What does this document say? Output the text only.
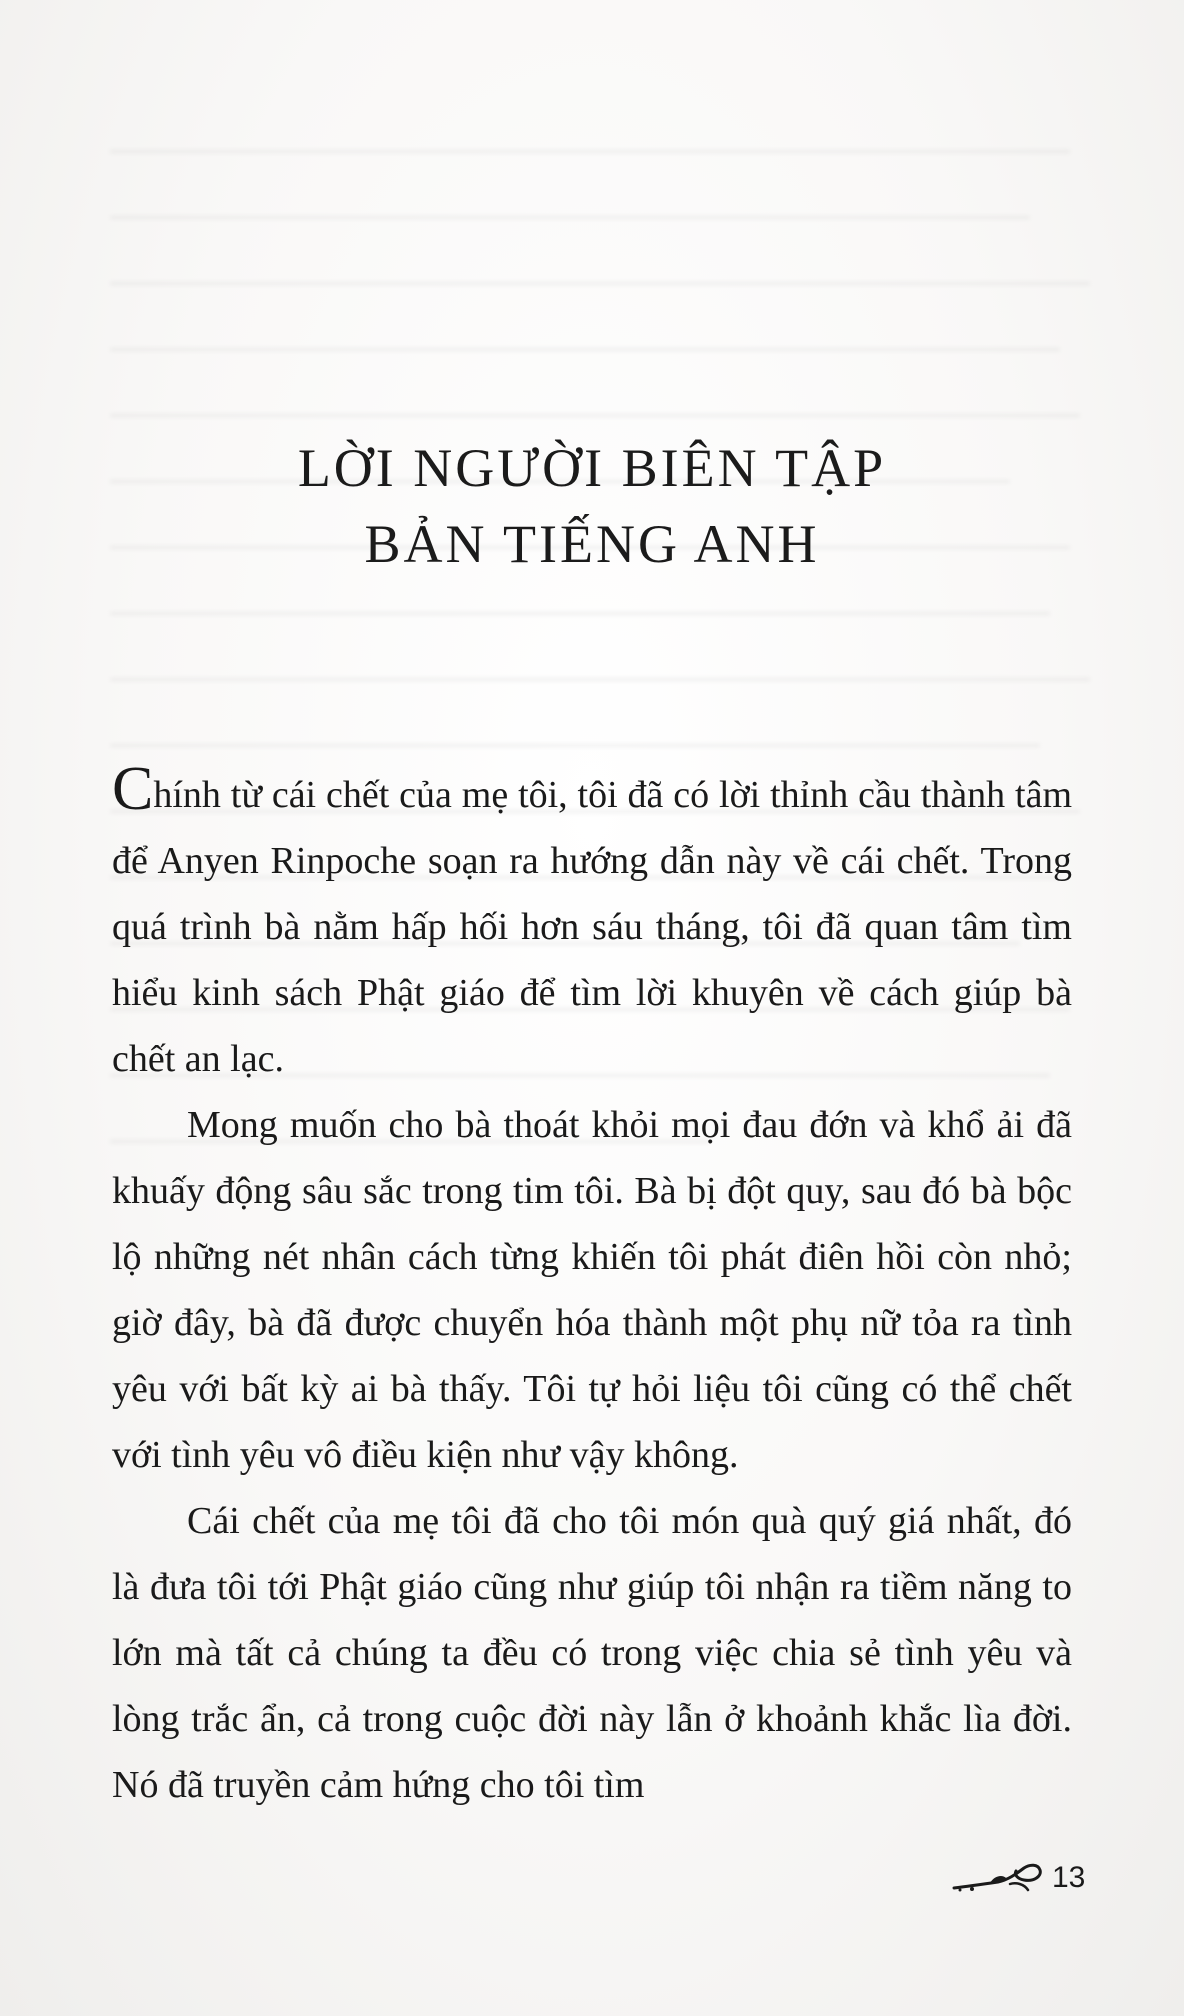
LỜI NGƯỜI BIÊN TẬP
BẢN TIẾNG ANH

Chính từ cái chết của mẹ tôi, tôi đã có lời thỉnh cầu thành tâm để Anyen Rinpoche soạn ra hướng dẫn này về cái chết. Trong quá trình bà nằm hấp hối hơn sáu tháng, tôi đã quan tâm tìm hiểu kinh sách Phật giáo để tìm lời khuyên về cách giúp bà chết an lạc.

Mong muốn cho bà thoát khỏi mọi đau đớn và khổ ải đã khuấy động sâu sắc trong tim tôi. Bà bị đột quy, sau đó bà bộc lộ những nét nhân cách từng khiến tôi phát điên hồi còn nhỏ; giờ đây, bà đã được chuyển hóa thành một phụ nữ tỏa ra tình yêu với bất kỳ ai bà thấy. Tôi tự hỏi liệu tôi cũng có thể chết với tình yêu vô điều kiện như vậy không.

Cái chết của mẹ tôi đã cho tôi món quà quý giá nhất, đó là đưa tôi tới Phật giáo cũng như giúp tôi nhận ra tiềm năng to lớn mà tất cả chúng ta đều có trong việc chia sẻ tình yêu và lòng trắc ẩn, cả trong cuộc đời này lẫn ở khoảnh khắc lìa đời. Nó đã truyền cảm hứng cho tôi tìm

13
